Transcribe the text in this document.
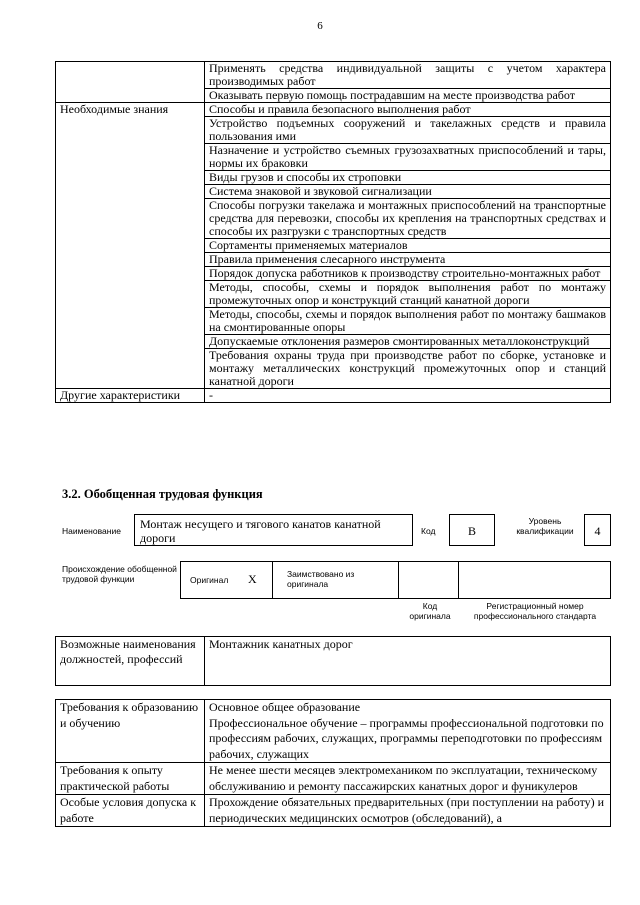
6
	Применять средства индивидуальной защиты с учетом характера производимых работ
	Оказывать первую помощь пострадавшим на месте производства работ
Необходимые знания	Способы и правила безопасного выполнения работ
	Устройство подъемных сооружений и такелажных средств и правила пользования ими
	Назначение и устройство съемных грузозахватных приспособлений и тары, нормы их браковки
	Виды грузов и способы их строповки
	Система знаковой и звуковой сигнализации
	Способы погрузки такелажа и монтажных приспособлений на транспортные средства для перевозки, способы их крепления на транспортных средствах и способы их разгрузки с транспортных средств
	Сортаменты применяемых материалов
	Правила применения слесарного инструмента
	Порядок допуска работников к производству строительно-монтажных работ
	Методы, способы, схемы и порядок выполнения работ по монтажу промежуточных опор и конструкций станций канатной дороги
	Методы, способы, схемы и порядок выполнения работ по монтажу башмаков на смонтированные опоры
	Допускаемые отклонения размеров смонтированных металлоконструкций
	Требования охраны труда при производстве работ по сборке, установке и монтажу металлических конструкций промежуточных опор и станций канатной дороги
Другие характеристики	-
3.2. Обобщенная трудовая функция
Наименование	Монтаж несущего и тягового канатов канатной дороги	Код	B
Уровень квалификации	4
Происхождение обобщенной трудовой функции	Оригинал X	Заимствовано из оригинала
Код оригинала
Регистрационный номер профессионального стандарта
Возможные наименования должностей, профессий	Монтажник канатных дорог
Требования к образованию и обучению	Основное общее образование
Профессиональное обучение – программы профессиональной подготовки по профессиям рабочих, служащих, программы переподготовки по профессиям рабочих, служащих

Требования к опыту практической работы	Не менее шести месяцев электромехаником по эксплуатации, техническому обслуживанию и ремонту пассажирских канатных дорог и фуникулеров

Особые условия допуска к работе	Прохождение обязательных предварительных (при поступлении на работу) и периодических медицинских осмотров (обследований), а
